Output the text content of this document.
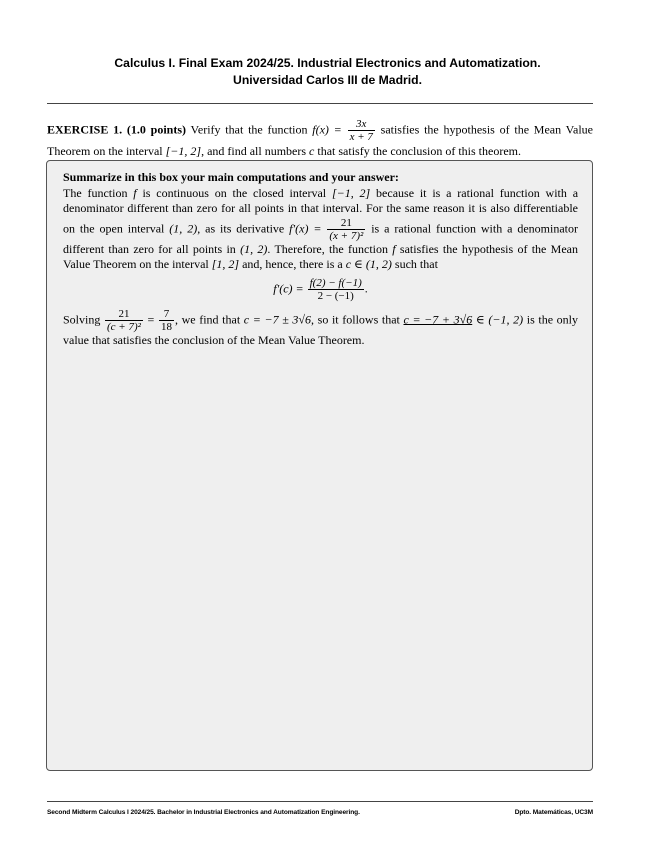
Calculus I. Final Exam 2024/25. Industrial Electronics and Automatization.
Universidad Carlos III de Madrid.
EXERCISE 1. (1.0 points) Verify that the function $f(x) = \frac{3x}{x + 7}$ satisfies the hypothesis of the Mean Value Theorem on the interval [−1, 2], and find all numbers c that satisfy the conclusion of this theorem.
Summarize in this box your main computations and your answer:
The function f is continuous on the closed interval [−1, 2] because it is a rational function with a denominator different than zero for all points in that interval. For the same reason it is also differentiable on the open interval (1, 2), as its derivative $f'(x) = \frac{21}{\text{(x + 7)²}}$ is a rational function with a denominator different than zero for all points in (1, 2). Therefore, the function f satisfies the hypothesis of the Mean Value Theorem on the interval [1, 2] and, hence, there is a c ∈ (1, 2) such that
$f'(c) = \frac{f(2) - f(-1)}{2 - (-1)}$ .
Solving $\frac{21}{\text{(c + 7)²}} = \frac{7}{18}$ , we find that c = −7 ± 3√6, so it follows that c = −7 + 3√6 ∈ (−1, 2) is the only value that satisfies the conclusion of the Mean Value Theorem.
Second Midterm Calculus I 2024/25. Bachelor in Industrial Electronics and Automatization Engineering.	Dpto. Matemáticas, UC3M
